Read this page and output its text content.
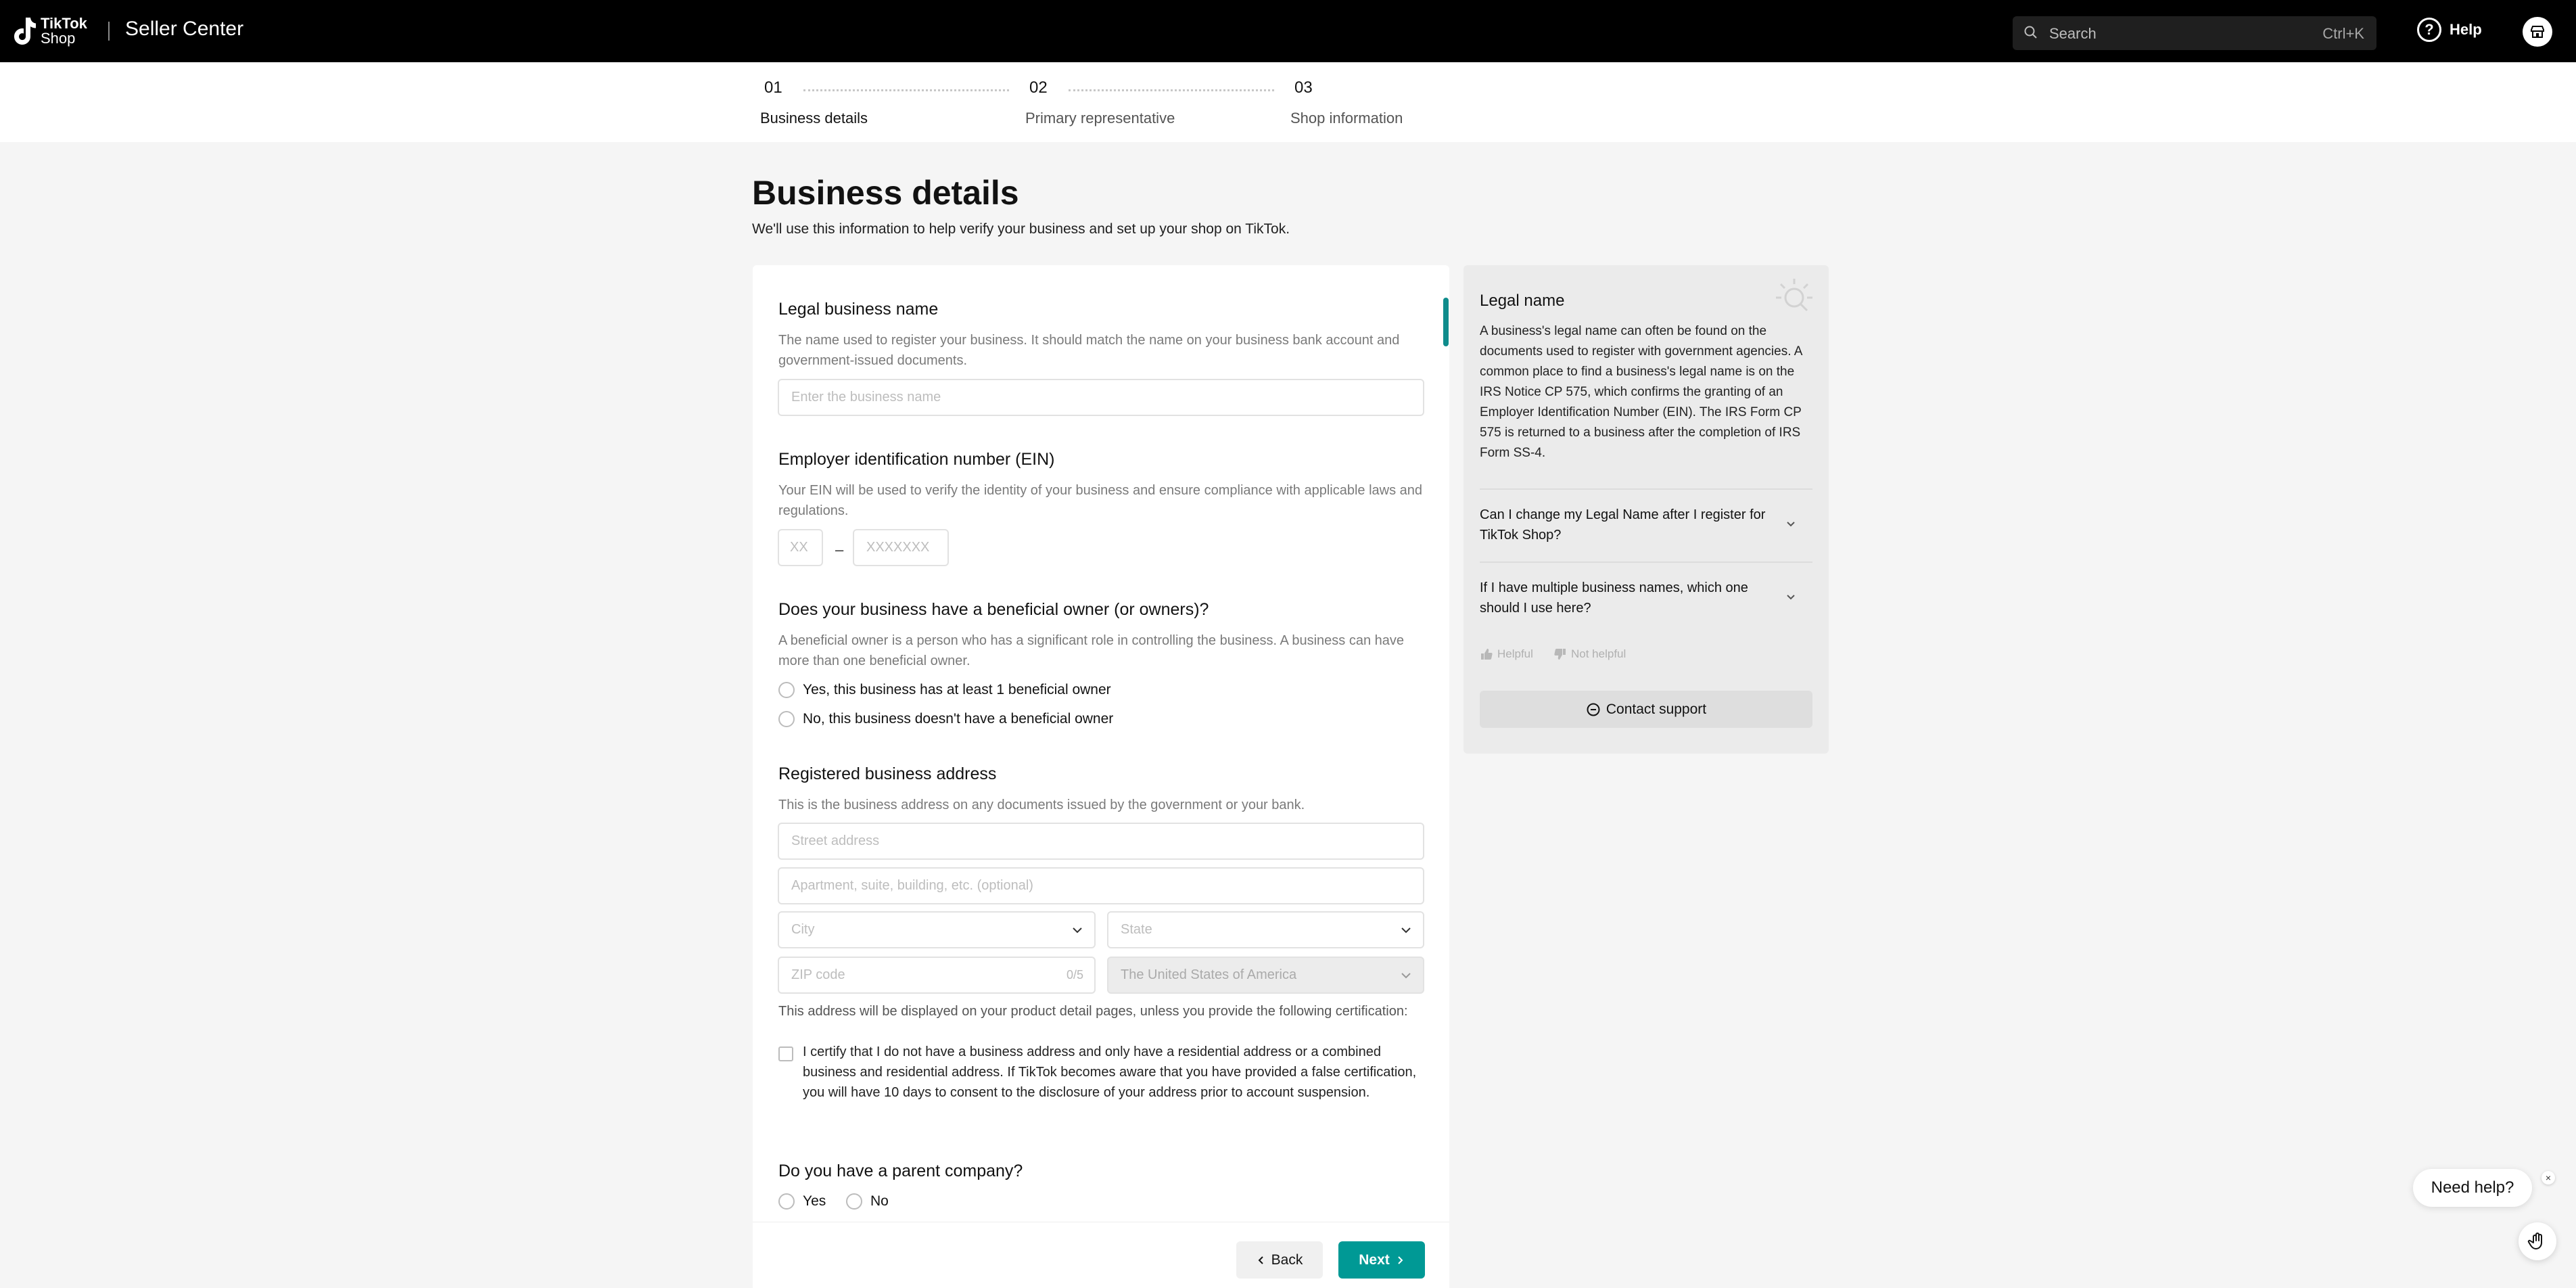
TikTok
Shop	Seller Center	Search	Ctrl+K	?	Help
01
Business details
02
Primary representative
03
Shop information
Business details

We'll use this information to help verify your business and set up your shop on TikTok.

Legal business name
The name used to register your business. It should match the name on your business bank account and government-issued documents.
Enter the business name
Employer identification number (EIN)
Your EIN will be used to verify the identity of your business and ensure compliance with applicable laws and regulations.
XX – XXXXXXX
Does your business have a beneficial owner (or owners)?
A beneficial owner is a person who has a significant role in controlling the business. A business can have more than one beneficial owner.
Yes, this business has at least 1 beneficial owner
No, this business doesn't have a beneficial owner
Registered business address
This is the business address on any documents issued by the government or your bank.
Street address
Apartment, suite, building, etc. (optional)
City	State
ZIP code	0/5	The United States of America
This address will be displayed on your product detail pages, unless you provide the following certification:
I certify that I do not have a business address and only have a residential address or a combined business and residential address. If TikTok becomes aware that you have provided a false certification, you will have 10 days to consent to the disclosure of your address prior to account suspension.
Do you have a parent company?
Yes	No
Back	Next
Legal name
A business's legal name can often be found on the documents used to register with government agencies. A common place to find a business's legal name is on the IRS Notice CP 575, which confirms the granting of an Employer Identification Number (EIN). The IRS Form CP 575 is returned to a business after the completion of IRS Form SS-4.
Can I change my Legal Name after I register for TikTok Shop?
If I have multiple business names, which one should I use here?
Helpful	Not helpful
Contact support
Need help?
×
